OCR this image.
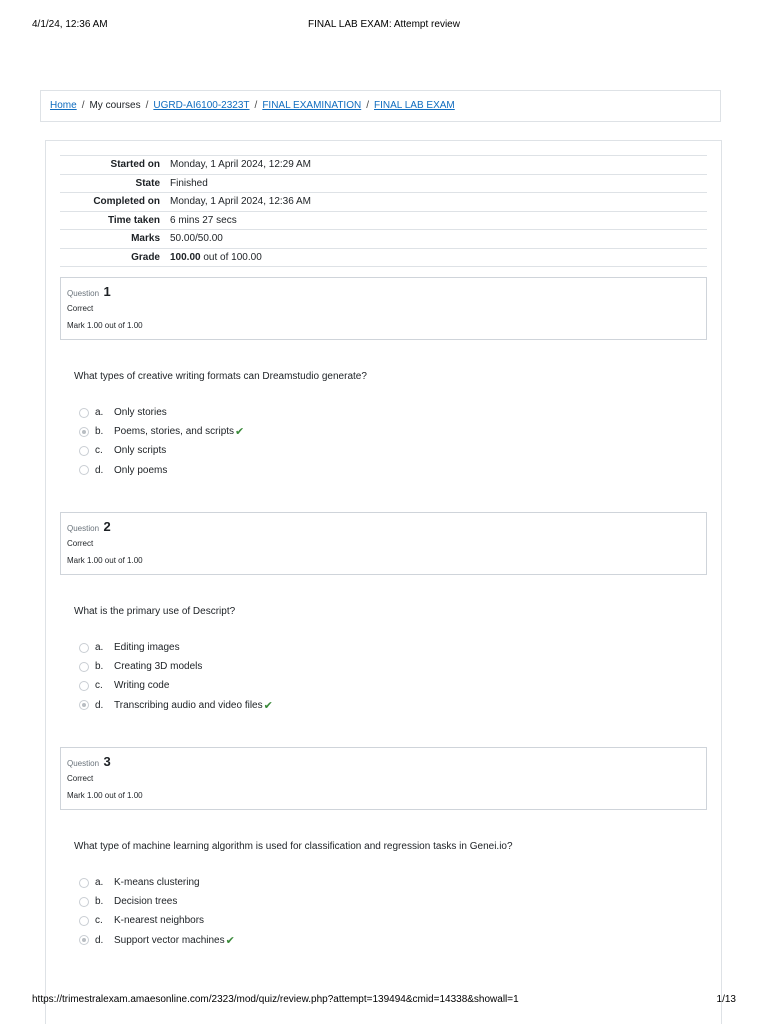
4/1/24, 12:36 AM	FINAL LAB EXAM: Attempt review
Home / My courses / UGRD-AI6100-2323T / FINAL EXAMINATION / FINAL LAB EXAM
Started on	Monday, 1 April 2024, 12:29 AM
State	Finished
Completed on	Monday, 1 April 2024, 12:36 AM
Time taken	6 mins 27 secs
Marks	50.00/50.00
Grade	100.00 out of 100.00
Question 1
Correct
Mark 1.00 out of 1.00
What types of creative writing formats can Dreamstudio generate?
a.	Only stories
b.	Poems, stories, and scripts ✔
c.	Only scripts
d.	Only poems
Question 2
Correct
Mark 1.00 out of 1.00
What is the primary use of Descript?
a.	Editing images
b.	Creating 3D models
c.	Writing code
d.	Transcribing audio and video files ✔
Question 3
Correct
Mark 1.00 out of 1.00
What type of machine learning algorithm is used for classification and regression tasks in Genei.io?
a.	K-means clustering
b.	Decision trees
c.	K-nearest neighbors
d.	Support vector machines ✔
https://trimestralexam.amaesonline.com/2323/mod/quiz/review.php?attempt=139494&cmid=14338&showall=1	1/13
